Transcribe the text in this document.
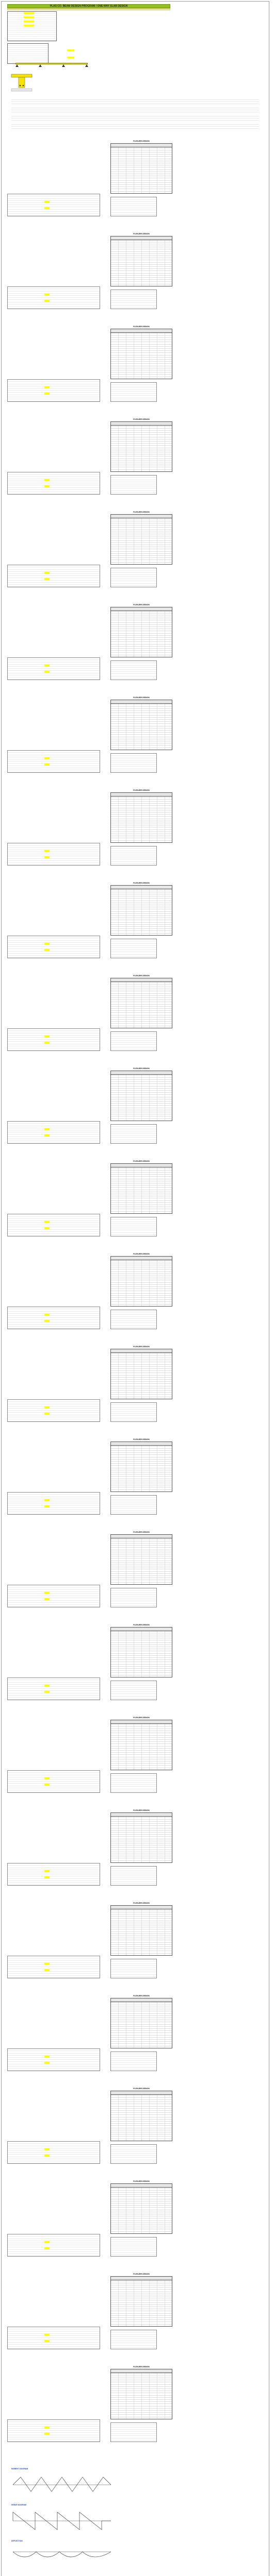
PLAS CO. BEAM DESIGN PROGRAM / ONE-WAY SLAB DESIGN
FLEXURE DESIGN
FLEXURE DESIGN
FLEXURE DESIGN
FLEXURE DESIGN
FLEXURE DESIGN
FLEXURE DESIGN
FLEXURE DESIGN
FLEXURE DESIGN
FLEXURE DESIGN
FLEXURE DESIGN
FLEXURE DESIGN
FLEXURE DESIGN
FLEXURE DESIGN
FLEXURE DESIGN
FLEXURE DESIGN
FLEXURE DESIGN
FLEXURE DESIGN
FLEXURE DESIGN
FLEXURE DESIGN
FLEXURE DESIGN
FLEXURE DESIGN
FLEXURE DESIGN
FLEXURE DESIGN
FLEXURE DESIGN
FLEXURE DESIGN
MOMENT DIAGRAM
SHEAR DIAGRAM
DEFLECTION
